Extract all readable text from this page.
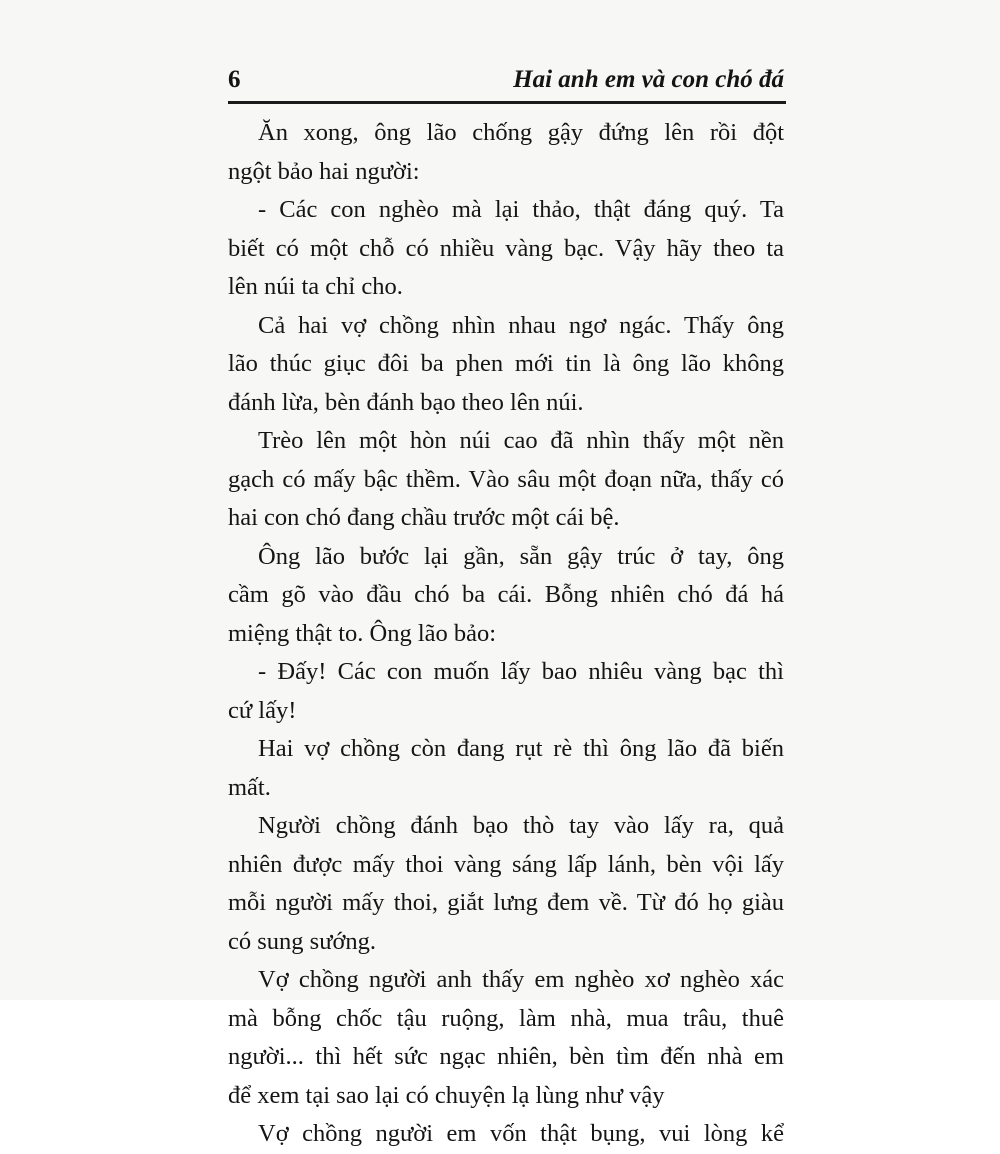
6	Hai anh em và con chó đá
Ăn xong, ông lão chống gậy đứng lên rồi đột
ngột bảo hai người:
- Các con nghèo mà lại thảo, thật đáng quý. Ta
biết có một chỗ có nhiều vàng bạc. Vậy hãy theo ta
lên núi ta chỉ cho.
Cả hai vợ chồng nhìn nhau ngơ ngác. Thấy ông
lão thúc giục đôi ba phen mới tin là ông lão không
đánh lừa, bèn đánh bạo theo lên núi.
Trèo lên một hòn núi cao đã nhìn thấy một nền
gạch có mấy bậc thềm. Vào sâu một đoạn nữa, thấy có
hai con chó đang chầu trước một cái bệ.
Ông lão bước lại gần, sẵn gậy trúc ở tay, ông
cầm gõ vào đầu chó ba cái. Bỗng nhiên chó đá há
miệng thật to. Ông lão bảo:
- Đấy! Các con muốn lấy bao nhiêu vàng bạc thì
cứ lấy!
Hai vợ chồng còn đang rụt rè thì ông lão đã biến
mất.
Người chồng đánh bạo thò tay vào lấy ra, quả
nhiên được mấy thoi vàng sáng lấp lánh, bèn vội lấy
mỗi người mấy thoi, giắt lưng đem về. Từ đó họ giàu
có sung sướng.
Vợ chồng người anh thấy em nghèo xơ nghèo xác
mà bỗng chốc tậu ruộng, làm nhà, mua trâu, thuê
người... thì hết sức ngạc nhiên, bèn tìm đến nhà em
để xem tại sao lại có chuyện lạ lùng như vậy
Vợ chồng người em vốn thật bụng, vui lòng kể
